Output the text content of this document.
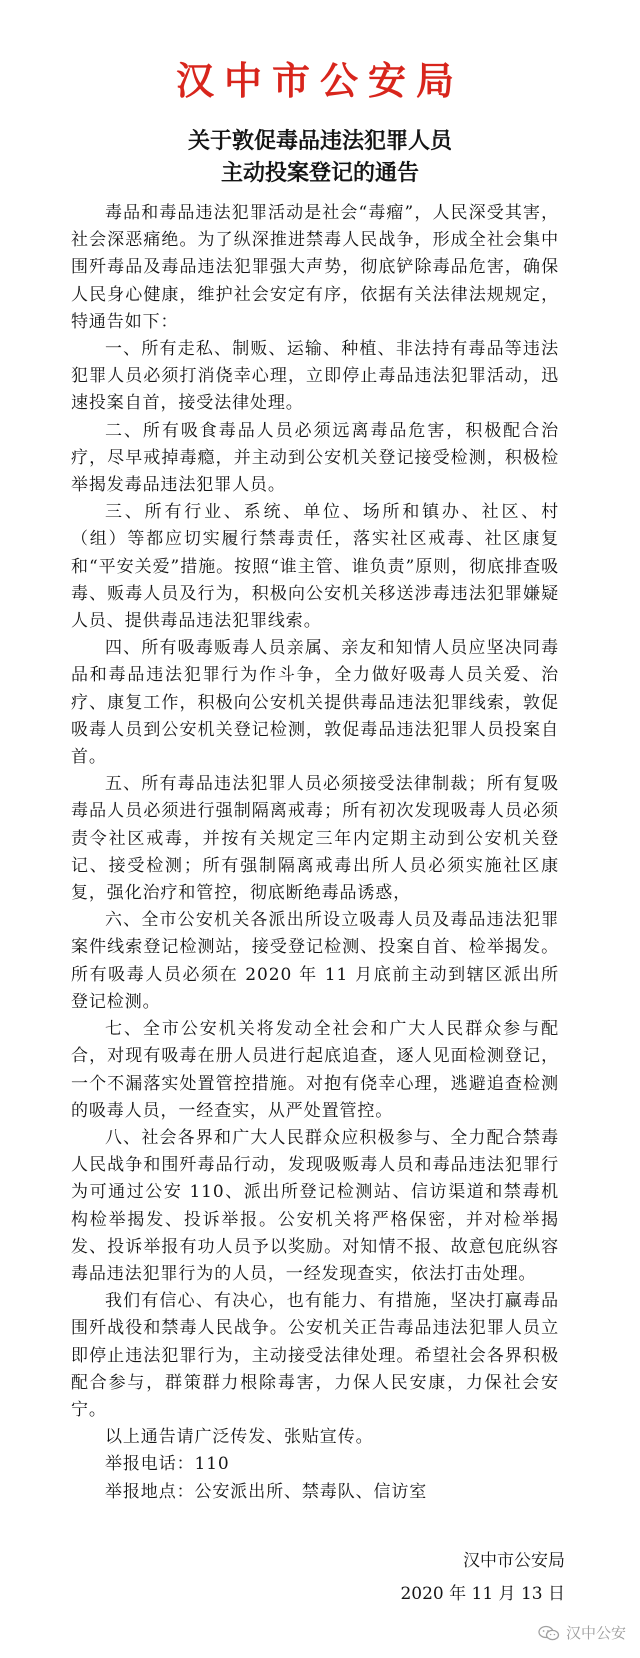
汉中市公安局
关于敦促毒品违法犯罪人员
主动投案登记的通告

毒品和毒品违法犯罪活动是社会“毒瘤”，人民深受其害，社会深恶痛绝。为了纵深推进禁毒人民战争，形成全社会集中围歼毒品及毒品违法犯罪强大声势，彻底铲除毒品危害，确保人民身心健康，维护社会安定有序，依据有关法律法规规定，特通告如下：

一、所有走私、制贩、运输、种植、非法持有毒品等违法犯罪人员必须打消侥幸心理，立即停止毒品违法犯罪活动，迅速投案自首，接受法律处理。

二、所有吸食毒品人员必须远离毒品危害，积极配合治疗，尽早戒掉毒瘾，并主动到公安机关登记接受检测，积极检举揭发毒品违法犯罪人员。

三、所有行业、系统、单位、场所和镇办、社区、村（组）等都应切实履行禁毒责任，落实社区戒毒、社区康复和“平安关爱”措施。按照“谁主管、谁负责”原则，彻底排查吸毒、贩毒人员及行为，积极向公安机关移送涉毒违法犯罪嫌疑人员、提供毒品违法犯罪线索。

四、所有吸毒贩毒人员亲属、亲友和知情人员应坚决同毒品和毒品违法犯罪行为作斗争，全力做好吸毒人员关爱、治疗、康复工作，积极向公安机关提供毒品违法犯罪线索，敦促吸毒人员到公安机关登记检测，敦促毒品违法犯罪人员投案自首。

五、所有毒品违法犯罪人员必须接受法律制裁；所有复吸毒品人员必须进行强制隔离戒毒；所有初次发现吸毒人员必须责令社区戒毒，并按有关规定三年内定期主动到公安机关登记、接受检测；所有强制隔离戒毒出所人员必须实施社区康复，强化治疗和管控，彻底断绝毒品诱惑，

六、全市公安机关各派出所设立吸毒人员及毒品违法犯罪案件线索登记检测站，接受登记检测、投案自首、检举揭发。所有吸毒人员必须在 2020 年 11 月底前主动到辖区派出所登记检测。

七、全市公安机关将发动全社会和广大人民群众参与配合，对现有吸毒在册人员进行起底追查，逐人见面检测登记，一个不漏落实处置管控措施。对抱有侥幸心理，逃避追查检测的吸毒人员，一经查实，从严处置管控。

八、社会各界和广大人民群众应积极参与、全力配合禁毒人民战争和围歼毒品行动，发现吸贩毒人员和毒品违法犯罪行为可通过公安 110、派出所登记检测站、信访渠道和禁毒机构检举揭发、投诉举报。公安机关将严格保密，并对检举揭发、投诉举报有功人员予以奖励。对知情不报、故意包庇纵容毒品违法犯罪行为的人员，一经发现查实，依法打击处理。

我们有信心、有决心，也有能力、有措施，坚决打赢毒品围歼战役和禁毒人民战争。公安机关正告毒品违法犯罪人员立即停止违法犯罪行为，主动接受法律处理。希望社会各界积极配合参与，群策群力根除毒害，力保人民安康，力保社会安宁。

以上通告请广泛传发、张贴宣传。

举报电话：110

举报地点：公安派出所、禁毒队、信访室

汉中市公安局
2020 年 11 月 13 日
汉中公安
